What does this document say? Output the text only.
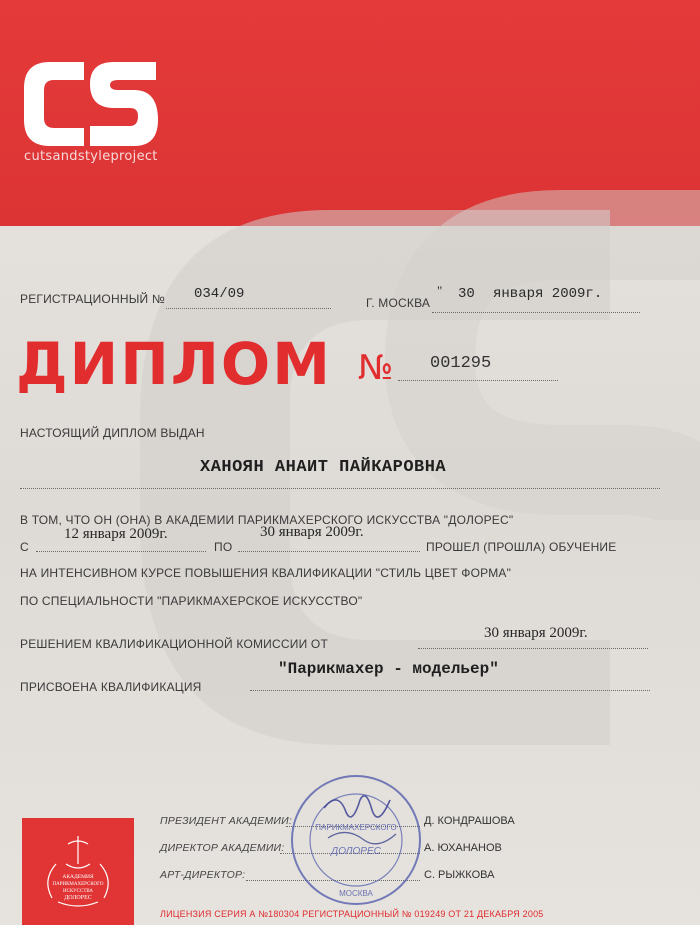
cutsandstyleproject
РЕГИСТРАЦИОННЫЙ № 034/09
Г. МОСКВА
" 30 января 2009г.
ДИПЛОМ № 001295
НАСТОЯЩИЙ ДИПЛОМ ВЫДАН
ХАНОЯН АНАИТ ПАЙКАРОВНА
В ТОМ, ЧТО ОН (ОНА) В АКАДЕМИИ ПАРИКМАХЕРСКОГО ИСКУССТВА "ДОЛОРЕС"
С
12 января 2009г.
ПО
30 января 2009г.
ПРОШЕЛ (ПРОШЛА) ОБУЧЕНИЕ
НА ИНТЕНСИВНОМ КУРСЕ ПОВЫШЕНИЯ КВАЛИФИКАЦИИ "СТИЛЬ ЦВЕТ ФОРМА"
ПО СПЕЦИАЛЬНОСТИ "ПАРИКМАХЕРСКОЕ ИСКУССТВО"
РЕШЕНИЕМ КВАЛИФИКАЦИОННОЙ КОМИССИИ ОТ
30 января 2009г.
ПРИСВОЕНА КВАЛИФИКАЦИЯ
"Парикмахер - модельер"
АКАДЕМИЯ
ПАРИКМАХЕРСКОГО
ИСКУССТВА
ДОЛОРЕС
ПРЕЗИДЕНТ АКАДЕМИИ:	Д. КОНДРАШОВА
ДИРЕКТОР АКАДЕМИИ:	А. ЮХАНАНОВ
АРТ-ДИРЕКТОР:	С. РЫЖКОВА
ПАРИКМАХЕРСКОГО
ДОЛОРЕС
МОСКВА
ЛИЦЕНЗИЯ СЕРИЯ А №180304 РЕГИСТРАЦИОННЫЙ № 019249 ОТ 21 ДЕКАБРЯ 2005
